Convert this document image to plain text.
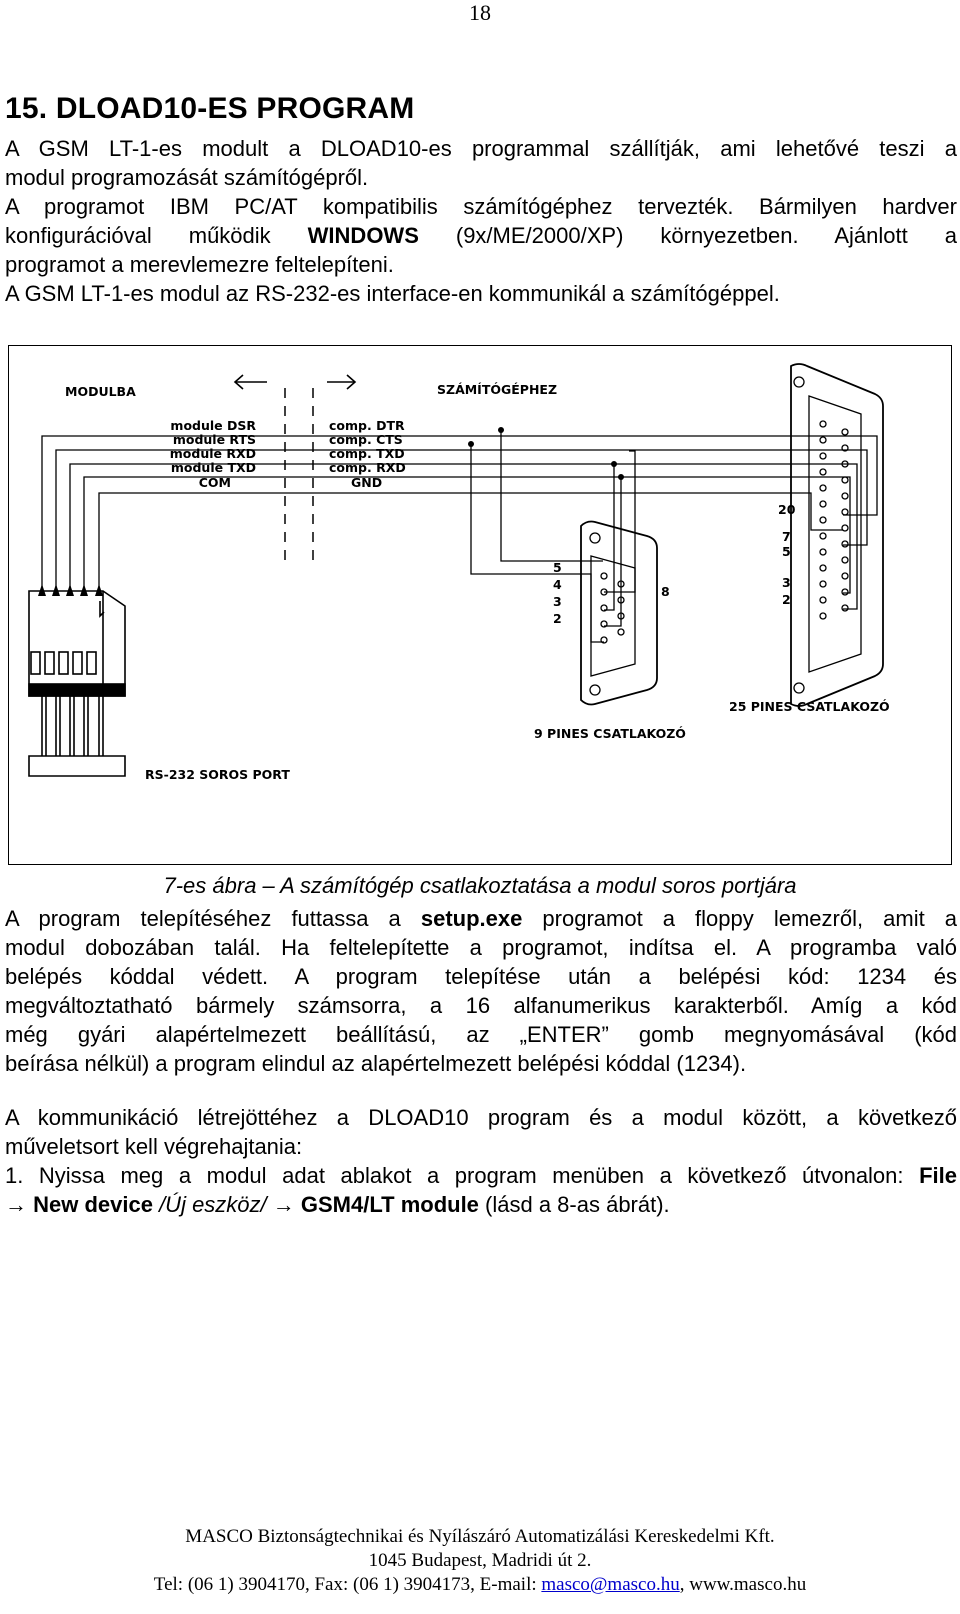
18
15. DLOAD10-ES PROGRAM
A GSM LT-1-es modult a DLOAD10-es programmal szállítják, ami lehetővé teszi a
modul programozását számítógépről.
A programot IBM PC/AT kompatibilis számítógéphez tervezték. Bármilyen hardver
konfigurációval működik WINDOWS (9x/ME/2000/XP) környezetben. Ajánlott a
programot a merevlemezre feltelepíteni.
A GSM LT-1-es modul az RS-232-es interface-en kommunikál a számítógéppel.
MODULBA	SZÁMÍTÓGÉPHEZ
module DSR
module RTS
module RXD
module TXD
COM
comp. DTR
comp. CTS
comp. TXD
comp. RXD
GND
20
7
5
3
2
25 PINES CSATLAKOZÓ
5
4
3
2
8
9 PINES CSATLAKOZÓ
RS-232 SOROS PORT

7-es ábra – A számítógép csatlakoztatása a modul soros portjára

A program telepítéséhez futtassa a setup.exe programot a floppy lemezről, amit a
modul dobozában talál. Ha feltelepítette a programot, indítsa el. A programba való
belépés kóddal védett. A program telepítése után a belépési kód: 1234 és
megváltoztatható bármely számsorra, a 16 alfanumerikus karakterből. Amíg a kód
még gyári alapértelmezett beállítású, az „ENTER” gomb megnyomásával (kód
beírása nélkül) a program elindul az alapértelmezett belépési kóddal (1234).
A kommunikáció létrejöttéhez a DLOAD10 program és a modul között, a következő
műveletsort kell végrehajtania:
1. Nyissa meg a modul adat ablakot a program menüben a következő útvonalon: File
→ New device /Új eszköz/ → GSM4/LT module (lásd a 8-as ábrát).
MASCO Biztonságtechnikai és Nyílászáró Automatizálási Kereskedelmi Kft.
1045 Budapest, Madridi út 2.
Tel: (06 1) 3904170, Fax: (06 1) 3904173, E-mail: masco@masco.hu, www.masco.hu
